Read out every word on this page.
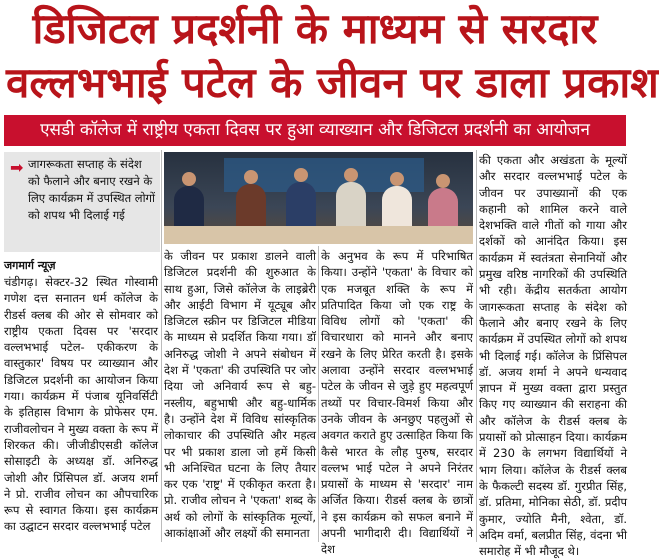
डिजिटल प्रदर्शनी के माध्यम से सरदार
वल्लभभाई पटेल के जीवन पर डाला प्रकाश
एसडी कॉलेज में राष्ट्रीय एकता दिवस पर हुआ व्याख्यान और डिजिटल प्रदर्शनी का आयोजन
➡ जागरूकता सप्ताह के संदेश को फैलाने और बनाए रखने के लिए कार्यक्रम में उपस्थित लोगों को शपथ भी दिलाई गई
जगमार्ग न्यूज़
चंडीगढ़। सेक्टर-32 स्थित गोस्वामी गणेश दत्त सनातन धर्म कॉलेज के रीडर्स क्लब की ओर से सोमवार को राष्ट्रीय एकता दिवस पर 'सरदार वल्लभभाई पटेल- एकीकरण के वास्तुकार' विषय पर व्याख्यान और डिजिटल प्रदर्शनी का आयोजन किया गया। कार्यक्रम में पंजाब यूनिवर्सिटी के इतिहास विभाग के प्रोफेसर एम. राजीवलोचन ने मुख्य वक्ता के रूप में शिरकत की। जीजीडीएसडी कॉलेज सोसाइटी के अध्यक्ष डॉ. अनिरुद्ध जोशी और प्रिंसिपल डॉ. अजय शर्मा ने प्रो. राजीव लोचन का औपचारिक रूप से स्वागत किया। इस कार्यक्रम का उद्घाटन सरदार वल्लभभाई पटेल
के जीवन पर प्रकाश डालने वाली डिजिटल प्रदर्शनी की शुरुआत के साथ हुआ, जिसे कॉलेज के लाइब्रेरी और आईटी विभाग में यूट्यूब और डिजिटल स्क्रीन पर डिजिटल मीडिया के माध्यम से प्रदर्शित किया गया। डॉ अनिरुद्ध जोशी ने अपने संबोधन में देश में 'एकता' की उपस्थिति पर जोर दिया जो अनिवार्य रूप से बहु-नस्लीय, बहुभाषी और बहु-धार्मिक है। उन्होंने देश में विविध सांस्कृतिक लोकाचार की उपस्थिति और महत्व पर भी प्रकाश डाला जो हमें किसी भी अनिश्चित घटना के लिए तैयार कर एक 'राष्ट्र' में एकीकृत करता है। प्रो. राजीव लोचन ने 'एकता' शब्द के अर्थ को लोगों के सांस्कृतिक मूल्यों, आकांक्षाओं और लक्ष्यों की समानता
के अनुभव के रूप में परिभाषित किया। उन्होंने 'एकता' के विचार को एक मजबूत शक्ति के रूप में प्रतिपादित किया जो एक राष्ट्र के विविध लोगों को 'एकता' की विचारधारा को मानने और बनाए रखने के लिए प्रेरित करती है। इसके अलावा उन्होंने सरदार वल्लभभाई पटेल के जीवन से जुड़े हुए महत्वपूर्ण तथ्यों पर विचार-विमर्श किया और उनके जीवन के अनछुए पहलुओं से अवगत कराते हुए उत्साहित किया कि कैसे भारत के लौह पुरुष, सरदार वल्लभ भाई पटेल ने अपने निरंतर प्रयासों के माध्यम से 'सरदार' नाम अर्जित किया। रीडर्स क्लब के छात्रों ने इस कार्यक्रम को सफल बनाने में अपनी भागीदारी दी। विद्यार्थियों ने देश
की एकता और अखंडता के मूल्यों और सरदार वल्लभभाई पटेल के जीवन पर उपाख्यानों की एक कहानी को शामिल करने वाले देशभक्ति वाले गीतों को गाया और दर्शकों को आनंदित किया। इस कार्यक्रम में स्वतंत्रता सेनानियों और प्रमुख वरिष्ठ नागरिकों की उपस्थिति भी रही। केंद्रीय सतर्कता आयोग जागरूकता सप्ताह के संदेश को फैलाने और बनाए रखने के लिए कार्यक्रम में उपस्थित लोगों को शपथ भी दिलाई गई। कॉलेज के प्रिंसिपल डॉ. अजय शर्मा ने अपने धन्यवाद ज्ञापन में मुख्य वक्ता द्वारा प्रस्तुत किए गए व्याख्यान की सराहना की और कॉलेज के रीडर्स क्लब के प्रयासों को प्रोत्साहन दिया। कार्यक्रम में 230 के लगभग विद्यार्थियों ने भाग लिया। कॉलेज के रीडर्स क्लब के फैकल्टी सदस्य डॉ. गुरप्रीत सिंह, डॉ. प्रतिमा, मोनिका सेठी, डॉ. प्रदीप कुमार, ज्योति मैनी, श्वेता, डॉ. अदिम वर्मा, बलप्रीत सिंह, वंदना भी समारोह में भी मौजूद थे।
